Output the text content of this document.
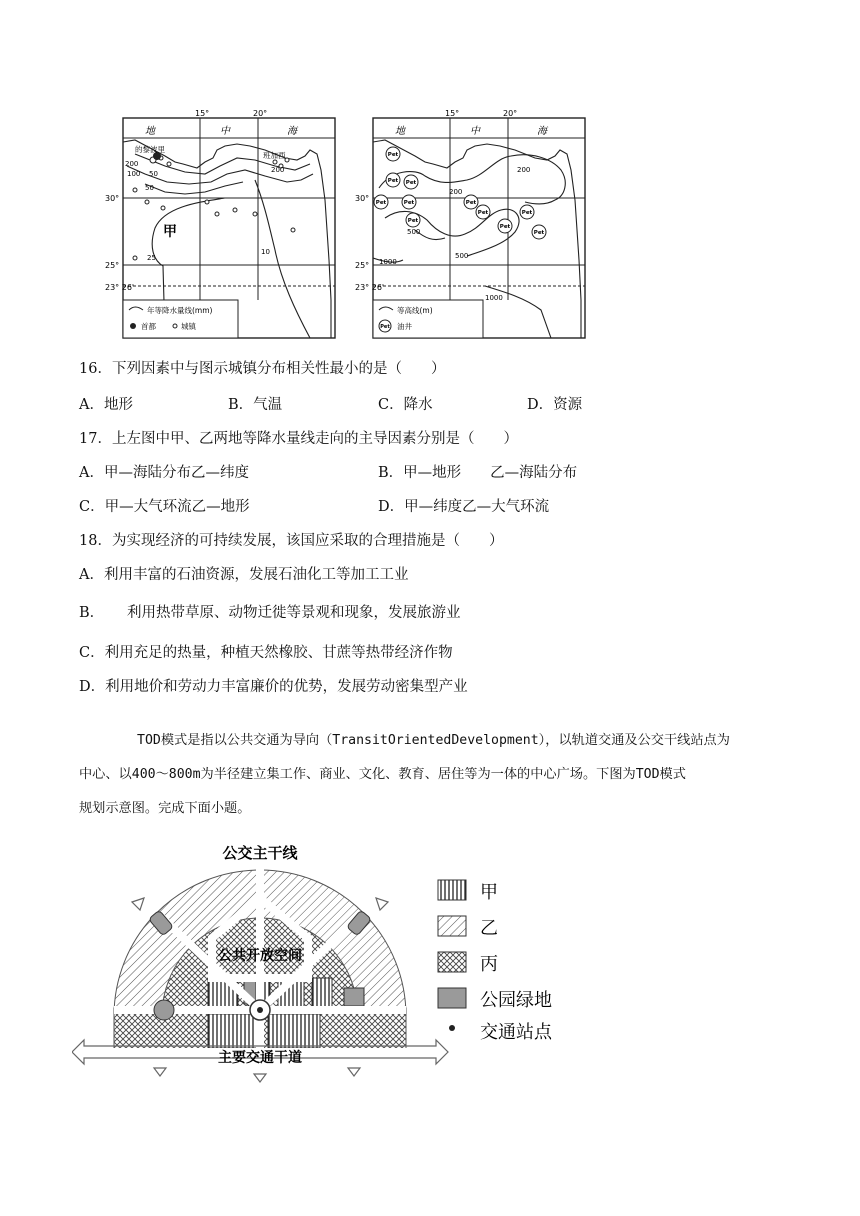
15°	20°
地	中	海
30°
25°
23° 26'
的黎波里
班加西
甲
200
100
50
50	200
25
10
年等降水量线(mm)
首都	城镇
15°	20°
地	中	海
30°
25°
23° 26'
Pet
Pet Pet
Pet	Pet
Pet
Pet
Pet
Pet
Pet
Pet
200
200
500
500
1000
1000
等高线(m)
Pet 油井
16．下列因素中与图示城镇分布相关性最小的是（　　）
A．地形	B．气温	C．降水	D．资源
17．上左图中甲、乙两地等降水量线走向的主导因素分别是（　　）
A．甲—海陆分布乙—纬度	B．甲—地形　　乙—海陆分布
C．甲—大气环流乙—地形	D．甲—纬度乙—大气环流
18．为实现经济的可持续发展，该国应采取的合理措施是（　　）
A．利用丰富的石油资源，发展石油化工等加工工业
B． 利用热带草原、动物迁徙等景观和现象，发展旅游业
C．利用充足的热量，种植天然橡胶、甘蔗等热带经济作物
D．利用地价和劳动力丰富廉价的优势，发展劳动密集型产业
TOD模式是指以公共交通为导向（TransitOrientedDevelopment），以轨道交通及公交干线站点为
中心、以400～800m为半径建立集工作、商业、文化、教育、居住等为一体的中心广场。下图为TOD模式
规划示意图。完成下面小题。
公共开放空间
公交主干线
主要交通干道
甲
乙
丙
公园绿地
交通站点
